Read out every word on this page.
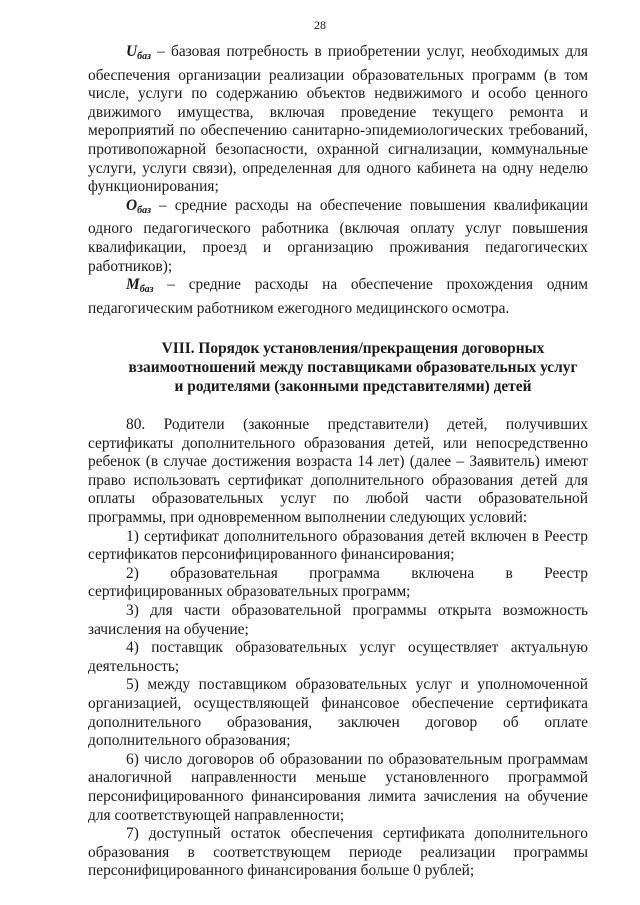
28

$U_{баз}$ – базовая потребность в приобретении услуг, необходимых для обеспечения организации реализации образовательных программ (в том числе, услуги по содержанию объектов недвижимого и особо ценного движимого имущества, включая проведение текущего ремонта и мероприятий по обеспечению санитарно-эпидемиологических требований, противопожарной безопасности, охранной сигнализации, коммунальные услуги, услуги связи), определенная для одного кабинета на одну неделю функционирования;

$О_{баз}$ – средние расходы на обеспечение повышения квалификации одного педагогического работника (включая оплату услуг повышения квалификации, проезд и организацию проживания педагогических работников);

$М_{баз}$ – средние расходы на обеспечение прохождения одним педагогическим работником ежегодного медицинского осмотра.

VIII. Порядок установления/прекращения договорных взаимоотношений между поставщиками образовательных услуг и родителями (законными представителями) детей

80. Родители (законные представители) детей, получивших сертификаты дополнительного образования детей, или непосредственно ребенок (в случае достижения возраста 14 лет) (далее – Заявитель) имеют право использовать сертификат дополнительного образования детей для оплаты образовательных услуг по любой части образовательной программы, при одновременном выполнении следующих условий:

1) сертификат дополнительного образования детей включен в Реестр сертификатов персонифицированного финансирования;

2) образовательная программа включена в Реестр сертифицированных образовательных программ;

3) для части образовательной программы открыта возможность зачисления на обучение;

4) поставщик образовательных услуг осуществляет актуальную деятельность;

5) между поставщиком образовательных услуг и уполномоченной организацией, осуществляющей финансовое обеспечение сертификата дополнительного образования, заключен договор об оплате дополнительного образования;

6) число договоров об образовании по образовательным программам аналогичной направленности меньше установленного программой персонифицированного финансирования лимита зачисления на обучение для соответствующей направленности;

7) доступный остаток обеспечения сертификата дополнительного образования в соответствующем периоде реализации программы персонифицированного финансирования больше 0 рублей;
